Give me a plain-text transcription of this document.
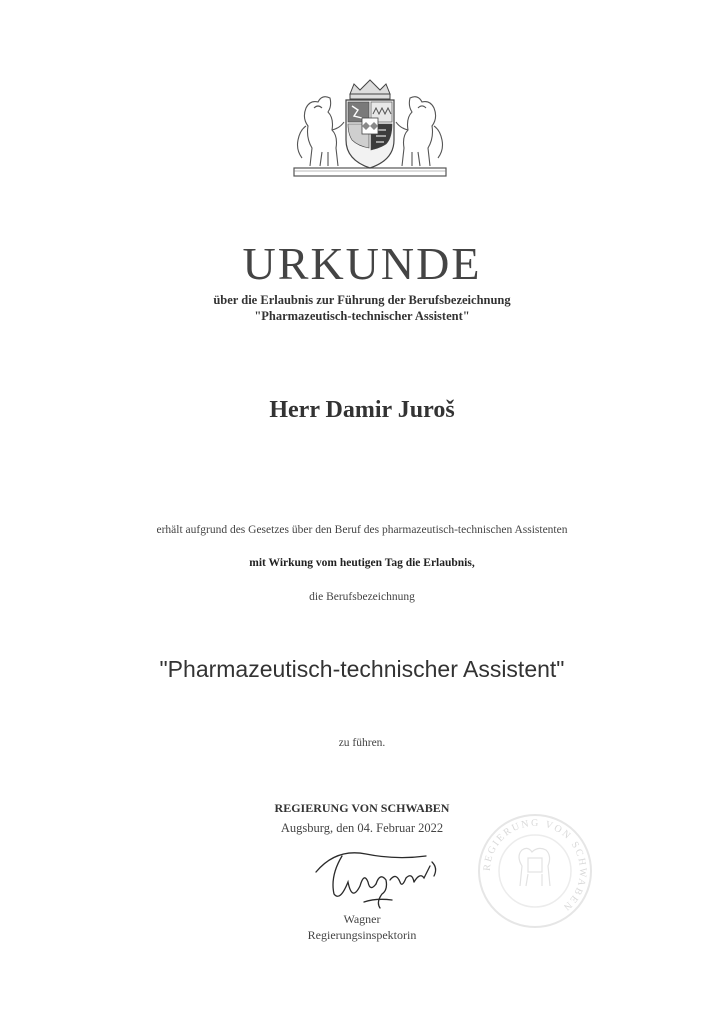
URKUNDE
über die Erlaubnis zur Führung der Berufsbezeichnung
"Pharmazeutisch-technischer Assistent"
Herr Damir Juroš
erhält aufgrund des Gesetzes über den Beruf des pharmazeutisch-technischen Assistenten
mit Wirkung vom heutigen Tag die Erlaubnis,
die Berufsbezeichnung
"Pharmazeutisch-technischer Assistent"
zu führen.
REGIERUNG VON SCHWABEN
Augsburg, den 04. Februar 2022
Wagner
Regierungsinspektorin
REGIERUNG VON SCHWABEN
